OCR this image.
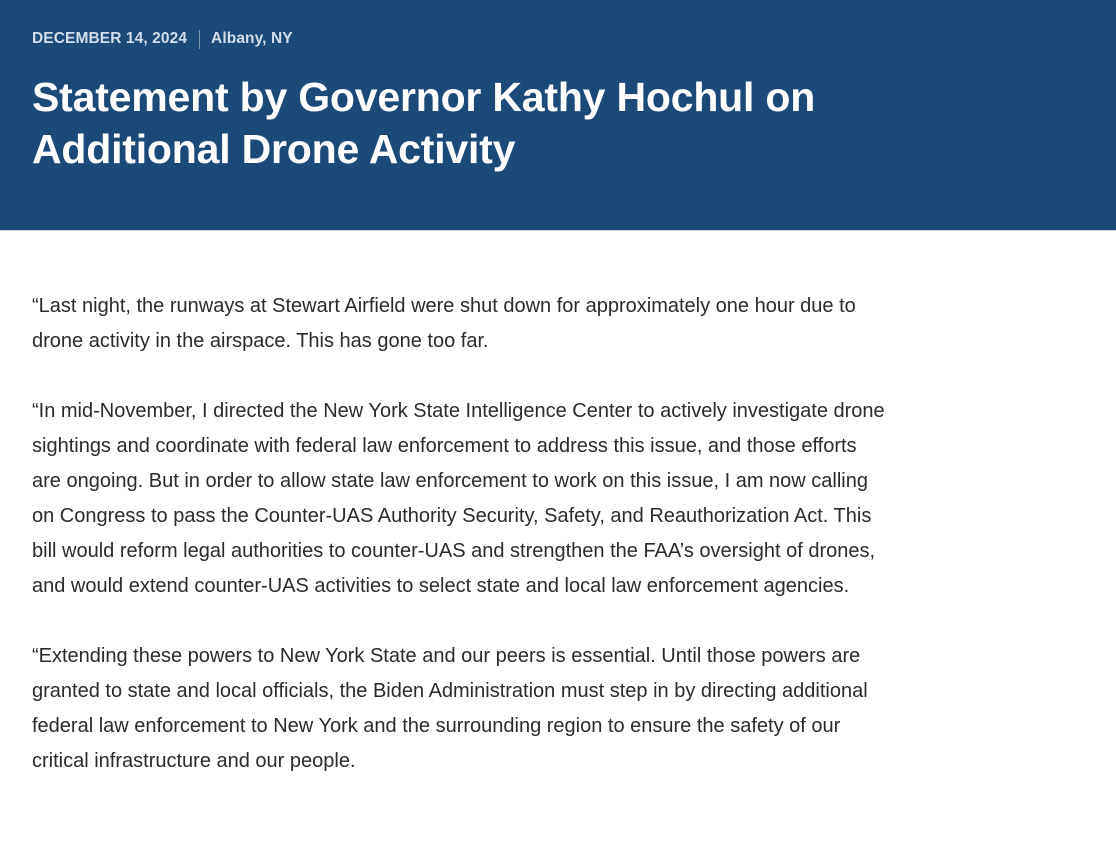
DECEMBER 14, 2024 Albany, NY
Statement by Governor Kathy Hochul on
Additional Drone Activity

“Last night, the runways at Stewart Airfield were shut down for approximately one hour due to
drone activity in the airspace. This has gone too far.

“In mid-November, I directed the New York State Intelligence Center to actively investigate drone
sightings and coordinate with federal law enforcement to address this issue, and those efforts
are ongoing. But in order to allow state law enforcement to work on this issue, I am now calling
on Congress to pass the Counter-UAS Authority Security, Safety, and Reauthorization Act. This
bill would reform legal authorities to counter-UAS and strengthen the FAA’s oversight of drones,
and would extend counter-UAS activities to select state and local law enforcement agencies.

“Extending these powers to New York State and our peers is essential. Until those powers are
granted to state and local officials, the Biden Administration must step in by directing additional
federal law enforcement to New York and the surrounding region to ensure the safety of our
critical infrastructure and our people.
